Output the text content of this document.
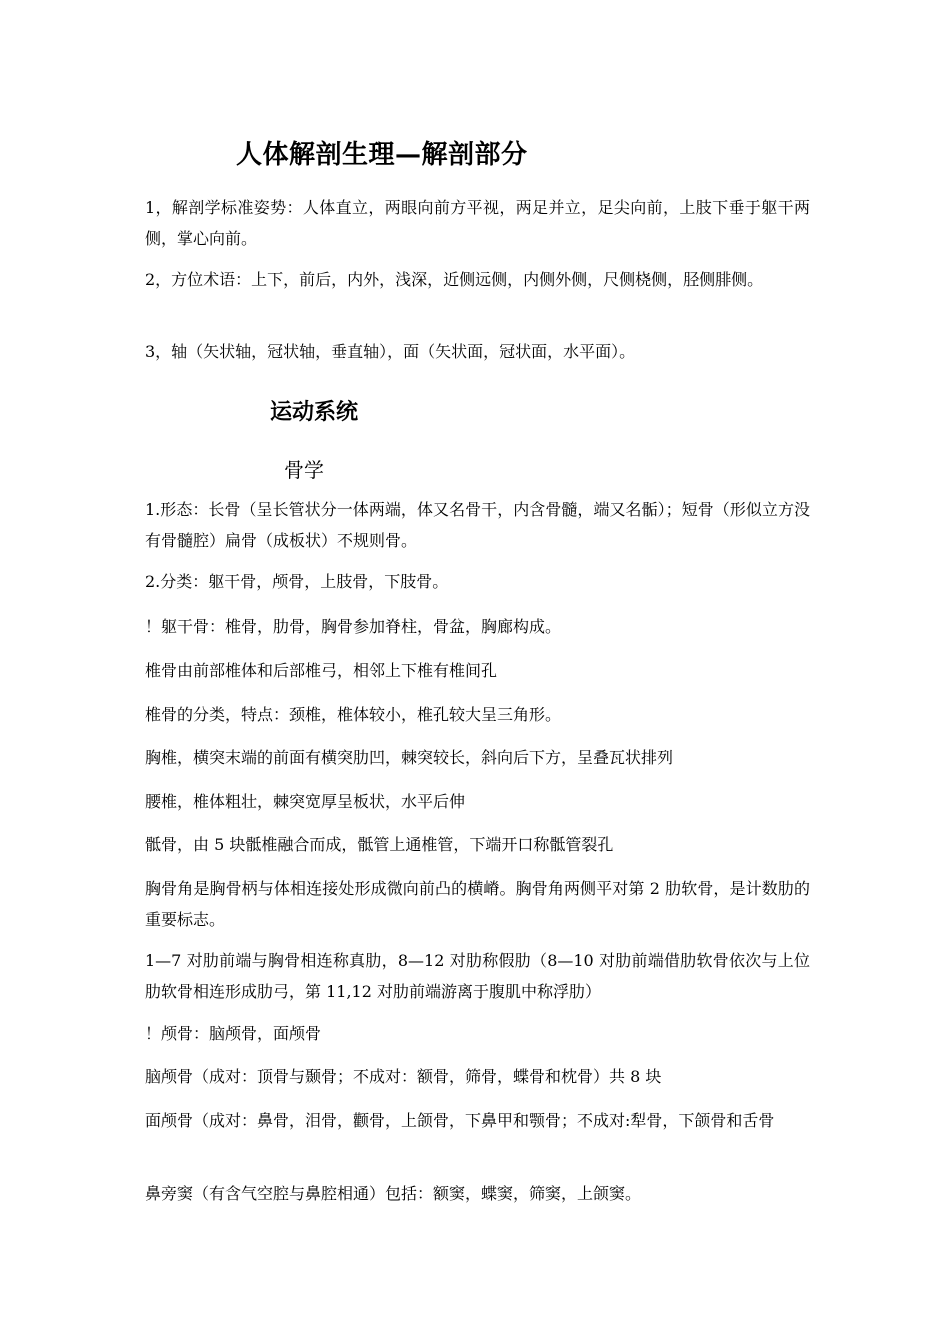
人体解剖生理—解剖部分
1，解剖学标准姿势：人体直立，两眼向前方平视，两足并立，足尖向前，上肢下垂于躯干两侧，掌心向前。
2，方位术语：上下，前后，内外，浅深，近侧远侧，内侧外侧，尺侧桡侧，胫侧腓侧。
3，轴（矢状轴，冠状轴，垂直轴），面（矢状面，冠状面，水平面）。
运动系统
骨学
1.形态：长骨（呈长管状分一体两端，体又名骨干，内含骨髓，端又名骺）；短骨（形似立方没有骨髓腔）扁骨（成板状）不规则骨。
2.分类：躯干骨，颅骨，上肢骨，下肢骨。
！躯干骨：椎骨，肋骨，胸骨参加脊柱，骨盆，胸廊构成。
椎骨由前部椎体和后部椎弓，相邻上下椎有椎间孔
椎骨的分类，特点：颈椎，椎体较小，椎孔较大呈三角形。
胸椎，横突末端的前面有横突肋凹，棘突较长，斜向后下方，呈叠瓦状排列
腰椎，椎体粗壮，棘突宽厚呈板状，水平后伸
骶骨，由 5 块骶椎融合而成，骶管上通椎管，下端开口称骶管裂孔
胸骨角是胸骨柄与体相连接处形成微向前凸的横嵴。胸骨角两侧平对第 2 肋软骨，是计数肋的重要标志。
1—7 对肋前端与胸骨相连称真肋，8—12 对肋称假肋（8—10 对肋前端借肋软骨依次与上位肋软骨相连形成肋弓，第 11,12 对肋前端游离于腹肌中称浮肋）
！颅骨：脑颅骨，面颅骨
脑颅骨（成对：顶骨与颞骨；不成对：额骨，筛骨，蝶骨和枕骨）共 8 块
面颅骨（成对：鼻骨，泪骨，颧骨，上颌骨，下鼻甲和颚骨；不成对:犁骨，下颌骨和舌骨
鼻旁窦（有含气空腔与鼻腔相通）包括：额窦，蝶窦，筛窦，上颌窦。
